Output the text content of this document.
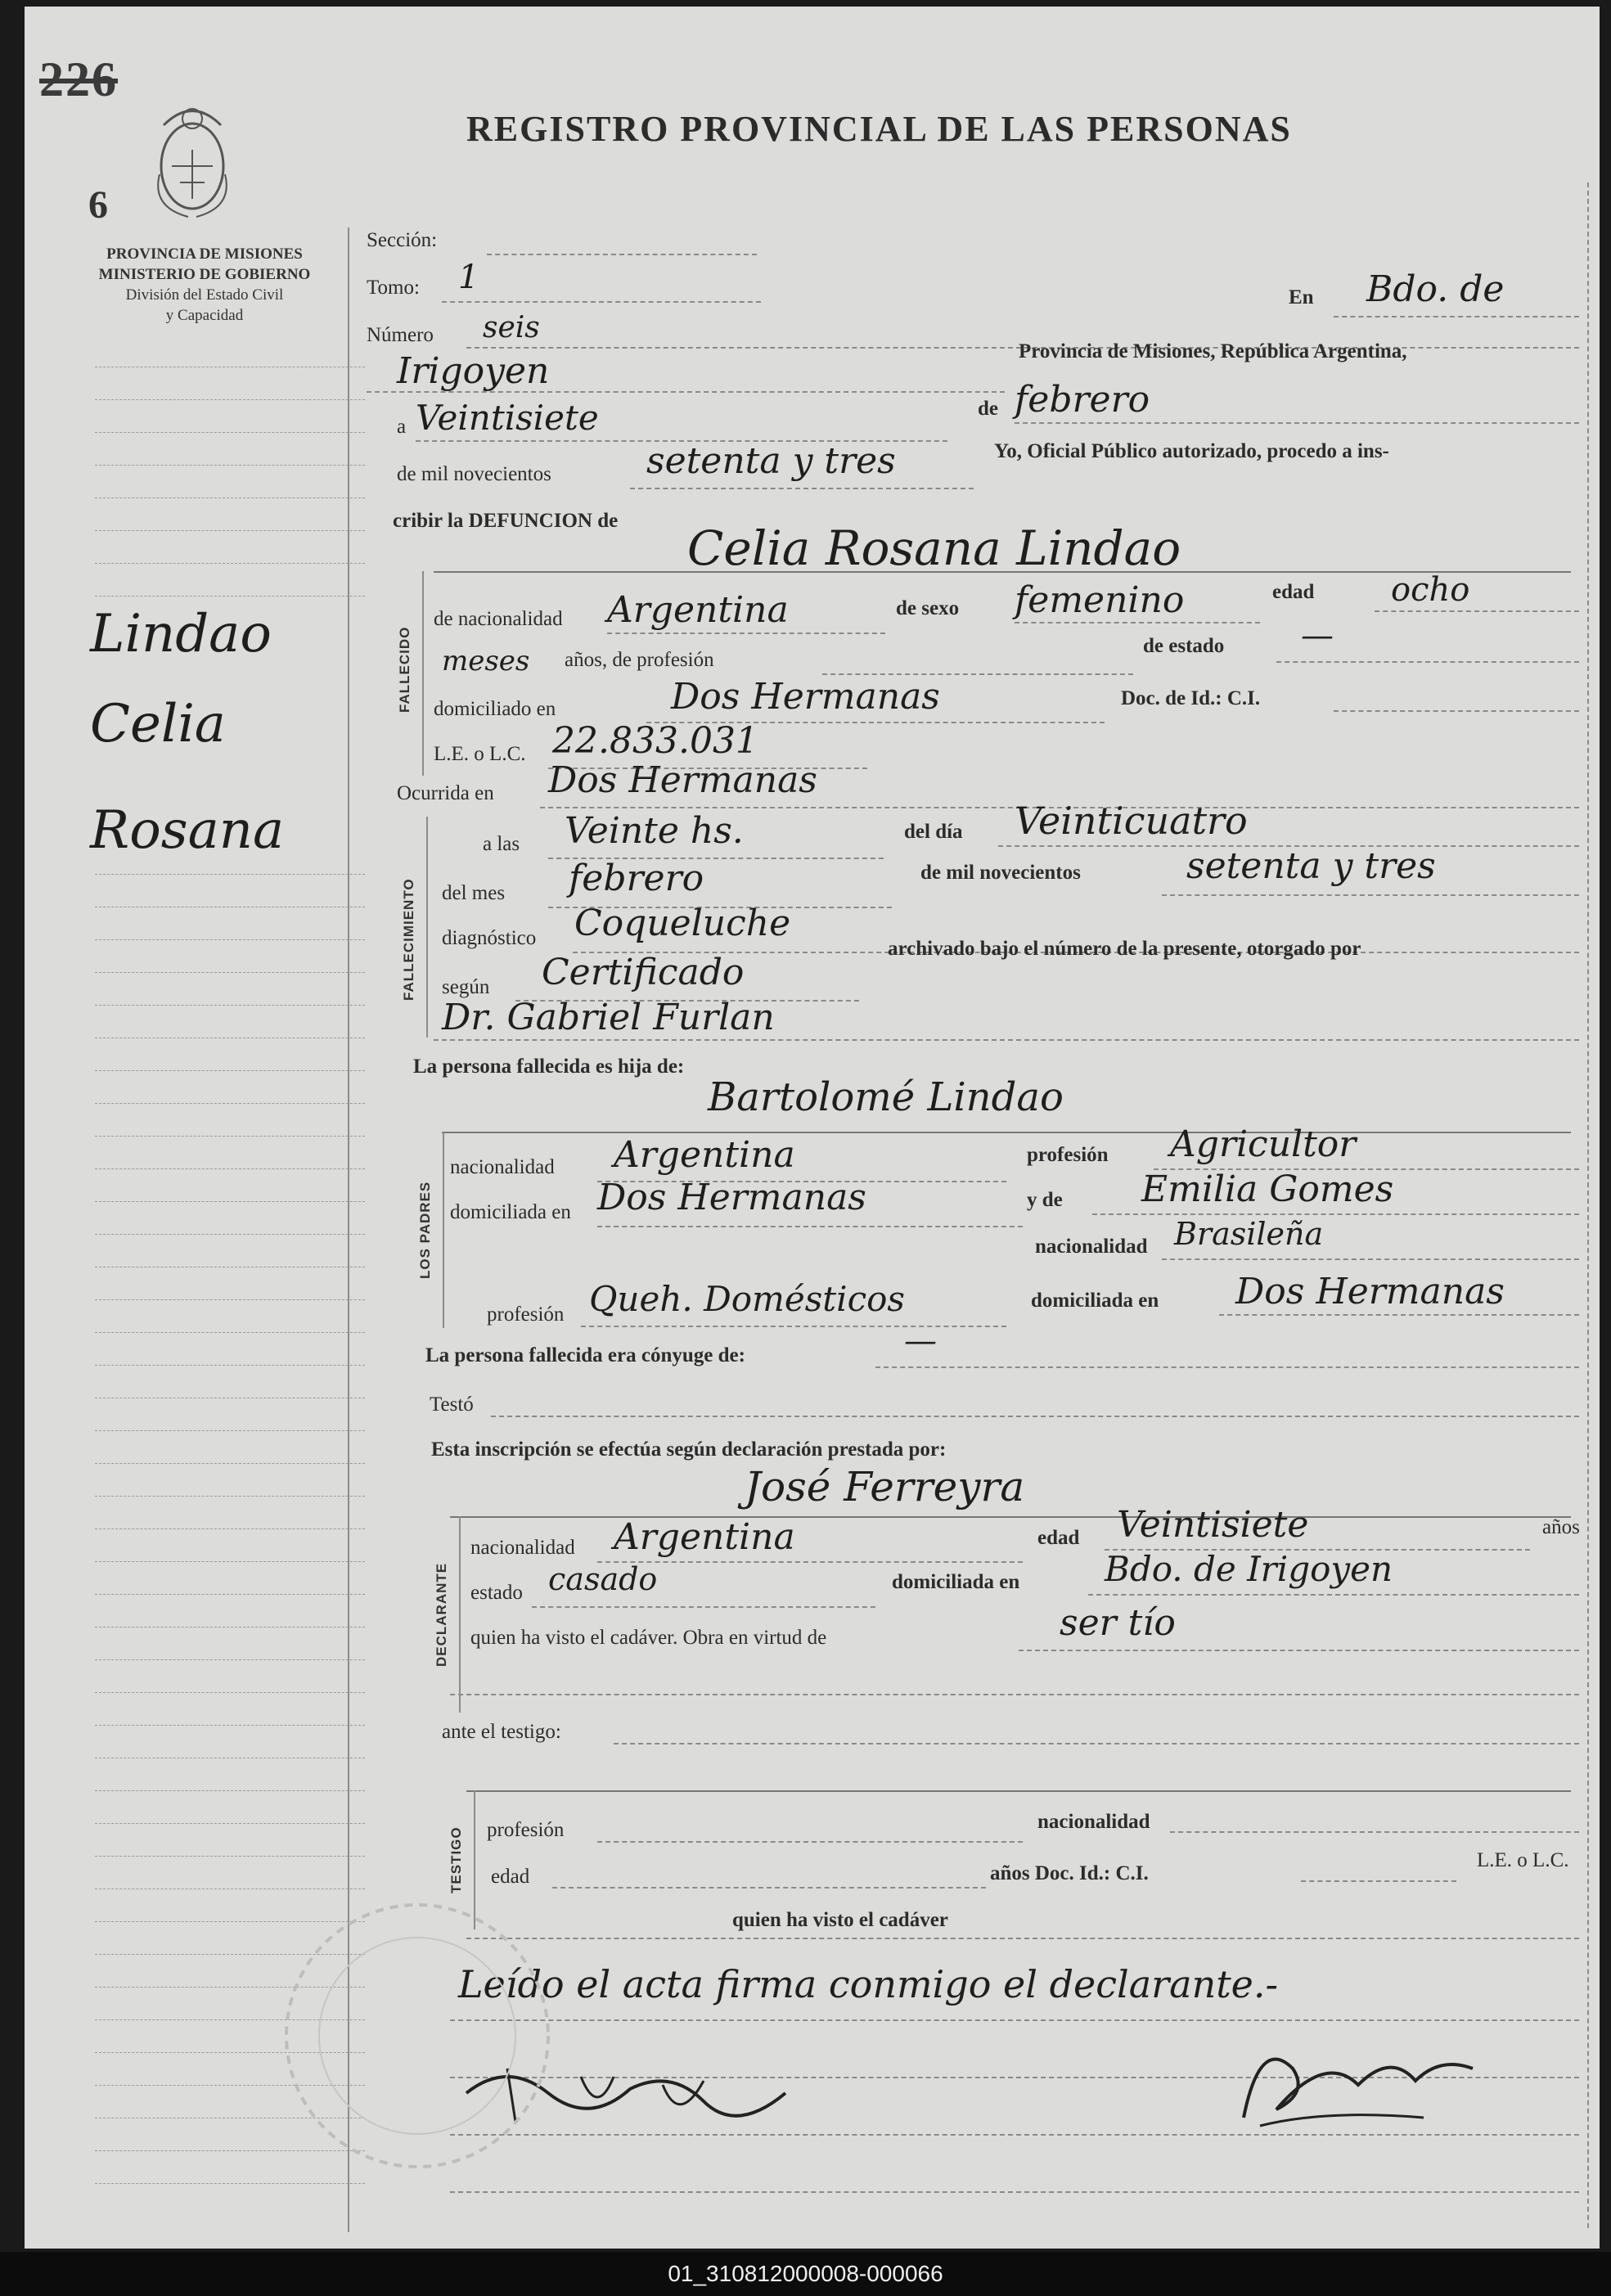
226
REGISTRO PROVINCIAL DE LAS PERSONAS
6
PROVINCIA DE MISIONES
MINISTERIO DE GOBIERNO
División del Estado Civil
y Capacidad
Lindao
Celia
Rosana
Sección:
Tomo: 1
En Bdo. de
Número seis
Irigoyen	Provincia de Misiones, República Argentina,
a Veintisiete	de febrero
de mil novecientos	setenta y tres	Yo, Oficial Público autorizado, procedo a ins-
cribir la DEFUNCION de
FALLECIDO
Celia Rosana Lindao
de nacionalidad Argentina	de sexo femenino	edad ocho
meses años, de profesión
de estado —
domiciliado en	Dos Hermanas	Doc. de Id.: C.I.
L.E. o L.C. 22.833.031
Ocurrida en Dos Hermanas
FALLECIMIENTO
a las Veinte hs.	del día Veinticuatro
del mes febrero	de mil novecientos	setenta y tres
diagnóstico Coqueluche
según Certificado
archivado bajo el número de la presente, otorgado por
Dr. Gabriel Furlan
La persona fallecida es hija de:
Bartolomé Lindao
LOS PADRES
nacionalidad Argentina	profesión Agricultor
domiciliada en Dos Hermanas	y de Emilia Gomes
nacionalidad Brasileña
profesión Queh. Domésticos	domiciliada en Dos Hermanas
La persona fallecida era cónyuge de:	—
Testó
Esta inscripción se efectúa según declaración prestada por:
José Ferreyra
DECLARANTE
nacionalidad Argentina	edad Veintisiete	años
estado casado	domiciliada en Bdo. de Irigoyen
quien ha visto el cadáver. Obra en virtud de	ser tío
ante el testigo:
TESTIGO profesión	nacionalidad
edad	años Doc. Id.: C.I.
L.E. o L.C.
quien ha visto el cadáver
Leído el acta firma conmigo el declarante.-
01_310812000008-000066
